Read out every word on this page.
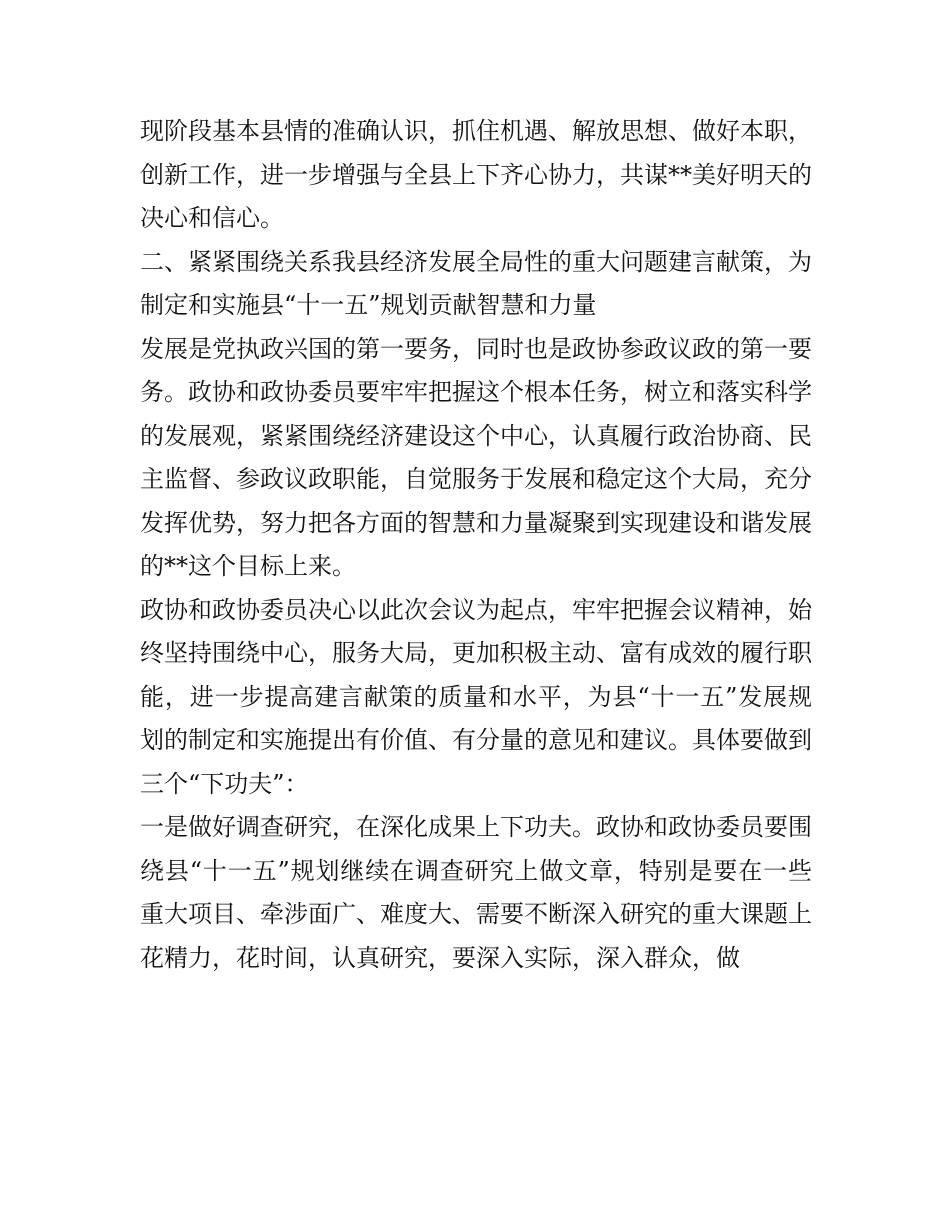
现阶段基本县情的准确认识，抓住机遇、解放思想、做好本职，创新工作，进一步增强与全县上下齐心协力，共谋**美好明天的决心和信心。

二、紧紧围绕关系我县经济发展全局性的重大问题建言献策，为制定和实施县“十一五”规划贡献智慧和力量

发展是党执政兴国的第一要务，同时也是政协参政议政的第一要务。政协和政协委员要牢牢把握这个根本任务，树立和落实科学的发展观，紧紧围绕经济建设这个中心，认真履行政治协商、民主监督、参政议政职能，自觉服务于发展和稳定这个大局，充分发挥优势，努力把各方面的智慧和力量凝聚到实现建设和谐发展的**这个目标上来。

政协和政协委员决心以此次会议为起点，牢牢把握会议精神，始终坚持围绕中心，服务大局，更加积极主动、富有成效的履行职能，进一步提高建言献策的质量和水平，为县“十一五”发展规划的制定和实施提出有价值、有分量的意见和建议。具体要做到三个“下功夫”：

一是做好调查研究，在深化成果上下功夫。政协和政协委员要围绕县“十一五”规划继续在调查研究上做文章，特别是要在一些重大项目、牵涉面广、难度大、需要不断深入研究的重大课题上花精力，花时间，认真研究，要深入实际，深入群众，做
